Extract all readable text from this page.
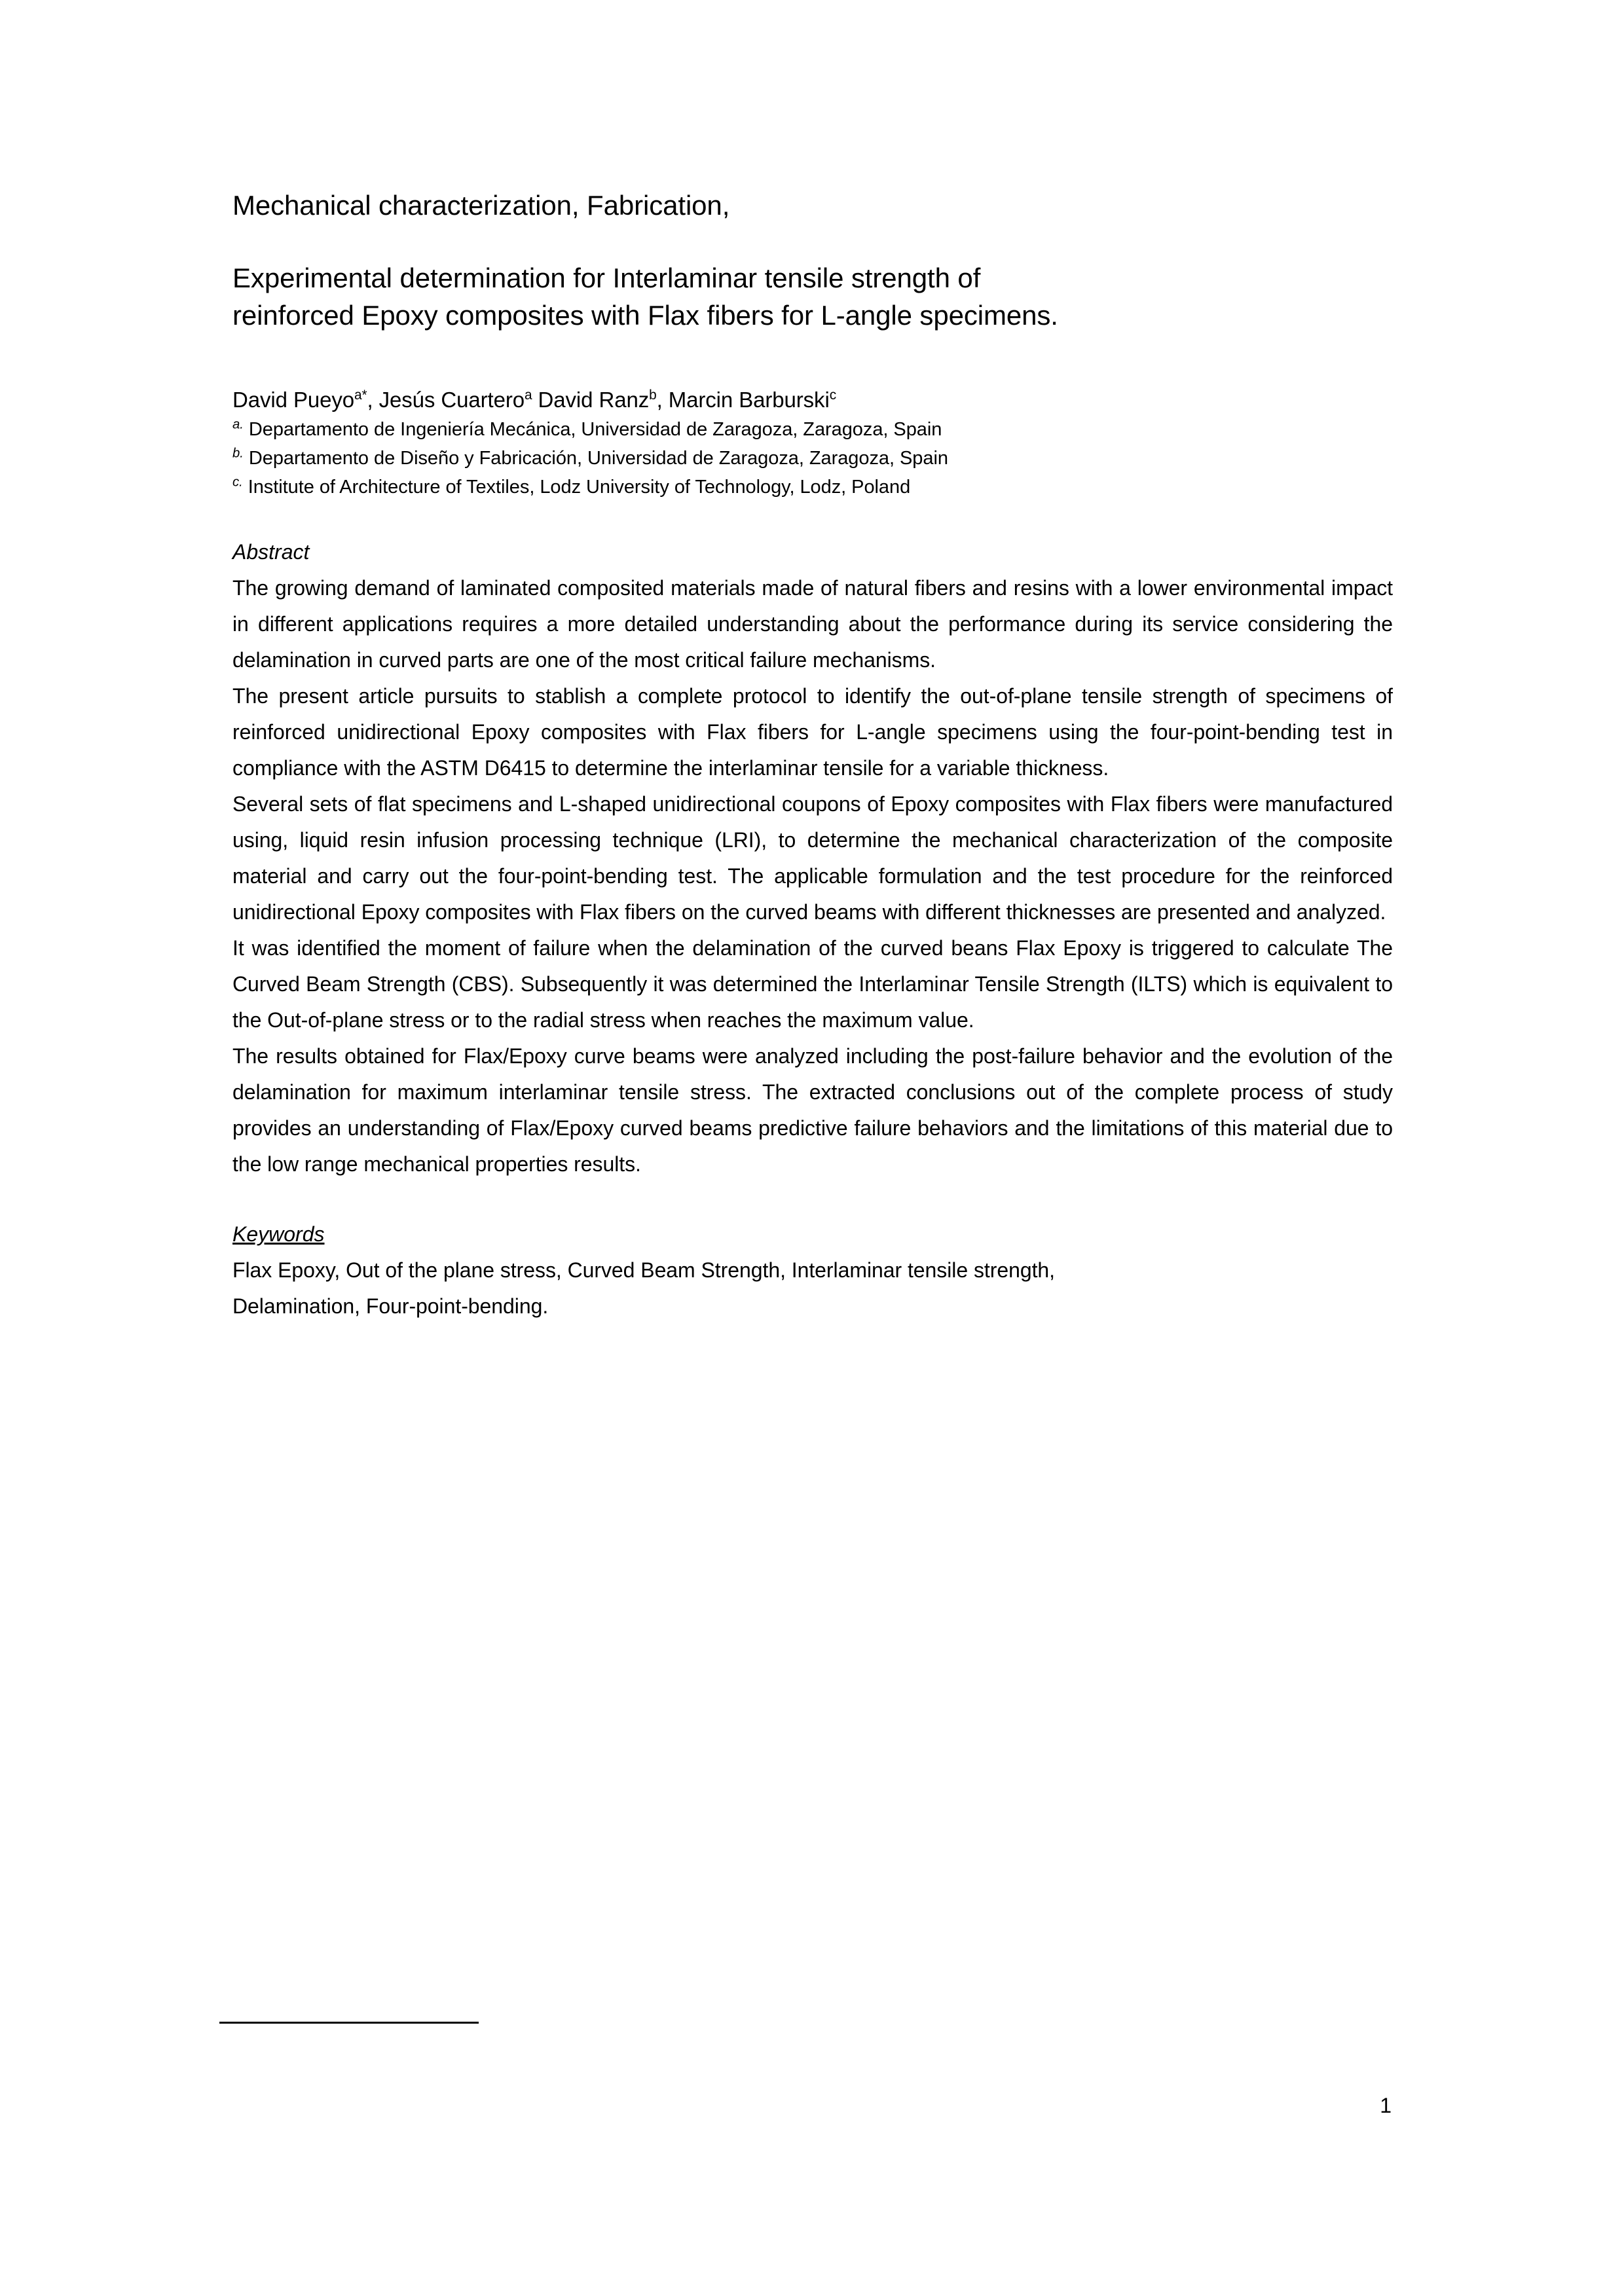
Mechanical characterization, Fabrication,
Experimental determination for Interlaminar tensile strength of
reinforced Epoxy composites with Flax fibers for L-angle specimens.
David Pueyo$^{a*}$, Jesús Cuartero$^a$ David Ranz$^b$, Marcin Barburski$^c$
$^{a.}$ Departamento de Ingeniería Mecánica, Universidad de Zaragoza, Zaragoza, Spain
$^{b.}$ Departamento de Diseño y Fabricación, Universidad de Zaragoza, Zaragoza, Spain
$^{c.}$ Institute of Architecture of Textiles, Lodz University of Technology, Lodz, Poland
Abstract

The growing demand of laminated composited materials made of natural fibers and resins with a lower environmental impact in different applications requires a more detailed understanding about the performance during its service considering the delamination in curved parts are one of the most critical failure mechanisms.

The present article pursuits to stablish a complete protocol to identify the out-of-plane tensile strength of specimens of reinforced unidirectional Epoxy composites with Flax fibers for L-angle specimens using the four-point-bending test in compliance with the ASTM D6415 to determine the interlaminar tensile for a variable thickness.

Several sets of flat specimens and L-shaped unidirectional coupons of Epoxy composites with Flax fibers were manufactured using, liquid resin infusion processing technique (LRI), to determine the mechanical characterization of the composite material and carry out the four-point-bending test. The applicable formulation and the test procedure for the reinforced unidirectional Epoxy composites with Flax fibers on the curved beams with different thicknesses are presented and analyzed.

It was identified the moment of failure when the delamination of the curved beans Flax Epoxy is triggered to calculate The Curved Beam Strength (CBS). Subsequently it was determined the Interlaminar Tensile Strength (ILTS) which is equivalent to the Out-of-plane stress or to the radial stress when reaches the maximum value.

The results obtained for Flax/Epoxy curve beams were analyzed including the post-failure behavior and the evolution of the delamination for maximum interlaminar tensile stress. The extracted conclusions out of the complete process of study provides an understanding of Flax/Epoxy curved beams predictive failure behaviors and the limitations of this material due to the low range mechanical properties results.

Keywords
Flax Epoxy, Out of the plane stress, Curved Beam Strength, Interlaminar tensile strength,
Delamination, Four-point-bending.
1
